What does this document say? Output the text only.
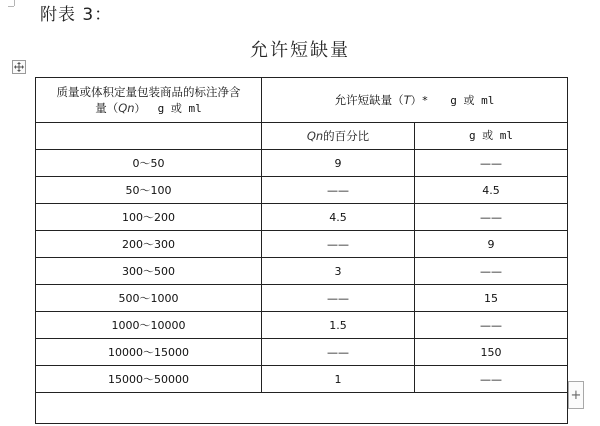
附表 3：
允许短缺量
质量或体积定量包装商品的标注净含
量（Qn）　 g 或 ml	允许短缺量（T）*　　g 或 ml	
	Qn的百分比	g 或 ml
0～50	9	——
50～100	——	4.5
100～200	4.5	——
200～300	——	9
300～500	3	——
500～1000	——	15
1000～10000	1.5	——
10000～15000	——	150
15000～50000	1	——

+
